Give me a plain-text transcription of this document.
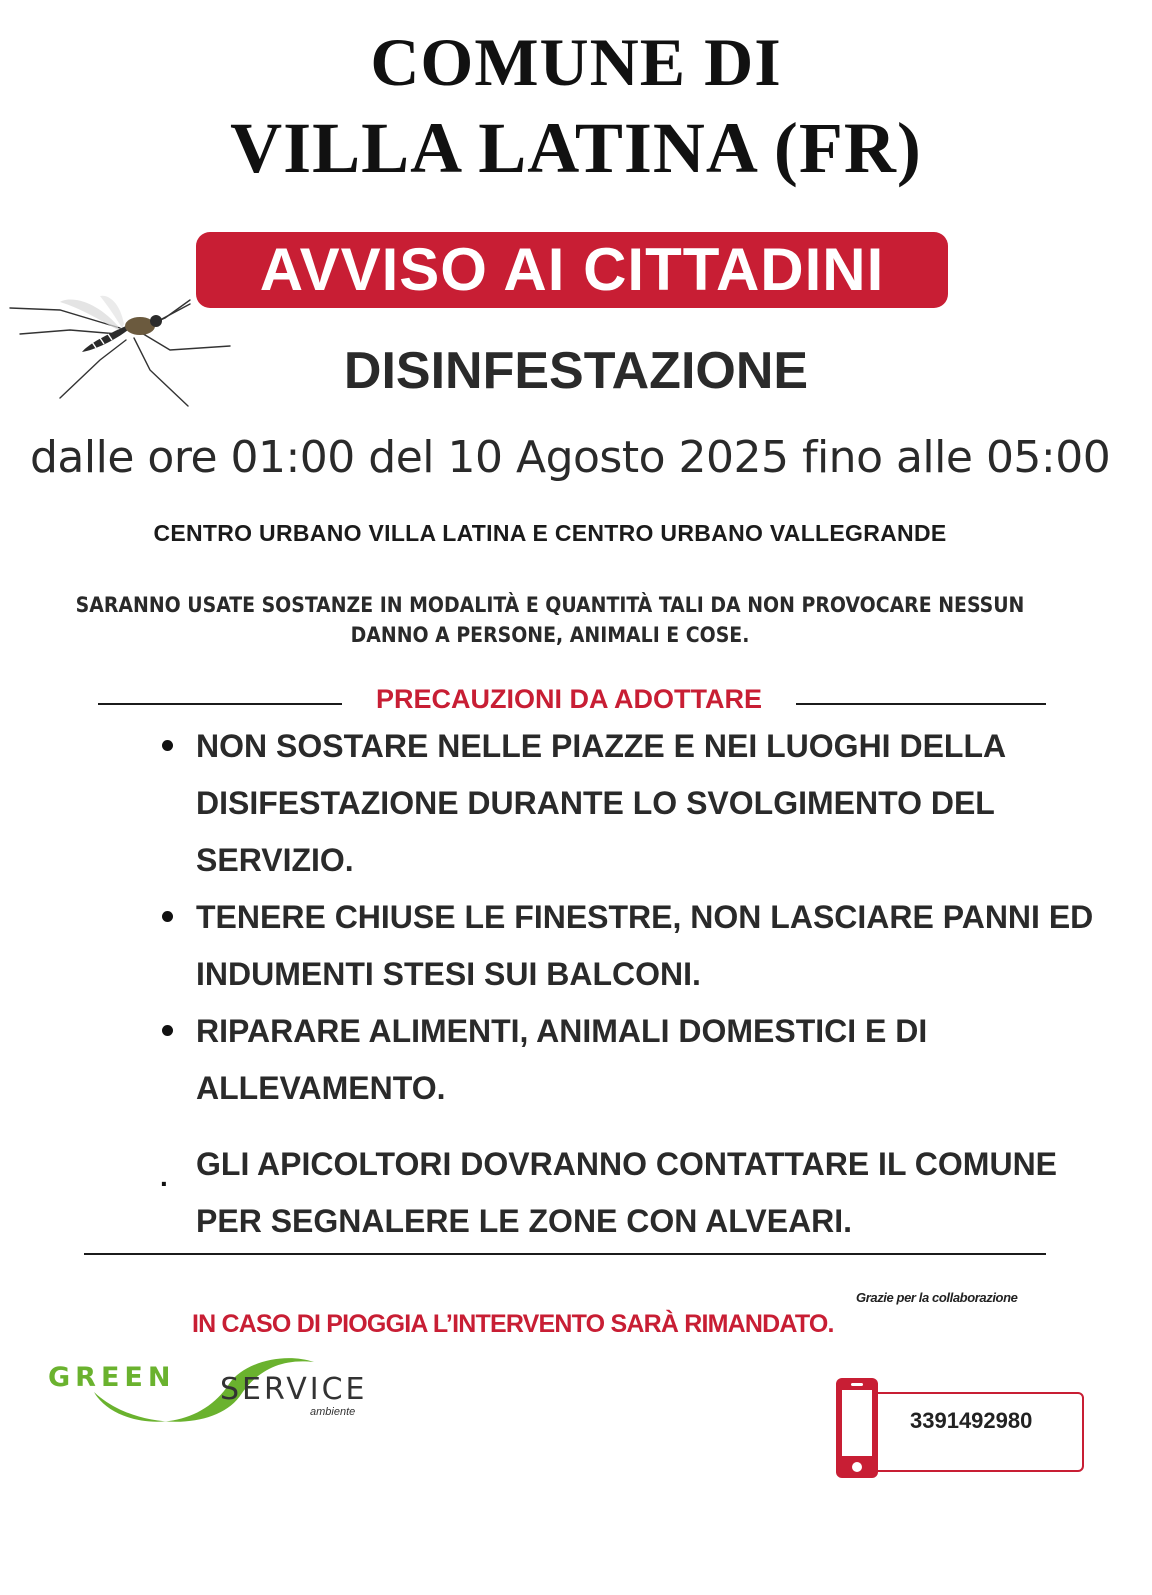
COMUNE DI
VILLA LATINA (FR)
AVVISO AI CITTADINI
DISINFESTAZIONE
dalle ore 01:00 del 10 Agosto 2025 fino alle 05:00
CENTRO URBANO VILLA LATINA E CENTRO URBANO VALLEGRANDE
SARANNO USATE SOSTANZE IN MODALITÀ E QUANTITÀ TALI DA NON PROVOCARE NESSUN
DANNO A PERSONE, ANIMALI E COSE.
PRECAUZIONI DA ADOTTARE
NON SOSTARE NELLE PIAZZE E NEI LUOGHI DELLA
DISIFESTAZIONE DURANTE LO SVOLGIMENTO DEL
SERVIZIO.
TENERE CHIUSE LE FINESTRE, NON LASCIARE PANNI ED
INDUMENTI STESI SUI BALCONI.
RIPARARE ALIMENTI, ANIMALI DOMESTICI E DI
ALLEVAMENTO.
. GLI APICOLTORI DOVRANNO CONTATTARE IL COMUNE
PER SEGNALERE LE ZONE CON ALVEARI.
Grazie per la collaborazione
IN CASO DI PIOGGIA L’INTERVENTO SARÀ RIMANDATO.
GREEN SERVICE
ambiente	3391492980
